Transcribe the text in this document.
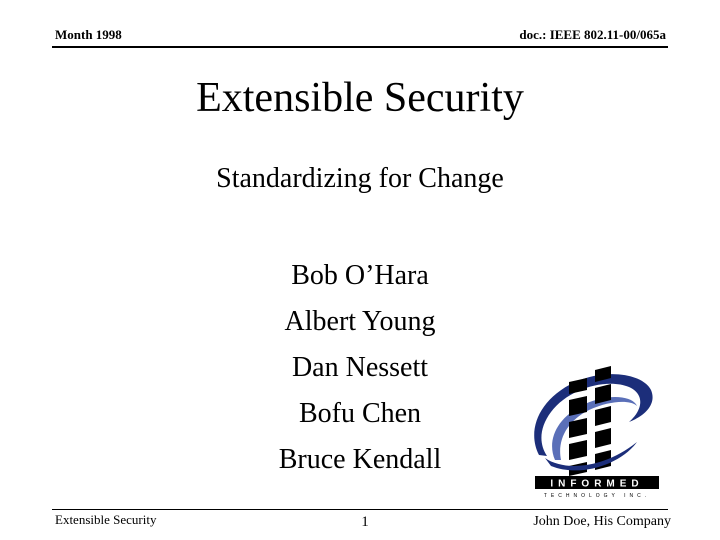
Month 1998	doc.: IEEE 802.11-00/065a
Extensible Security
Standardizing for Change
Bob O’Hara
Albert Young
Dan Nessett
Bofu Chen
Bruce Kendall
INFORMED
TECHNOLOGY INC.
Extensible Security	1	John Doe, His Company
